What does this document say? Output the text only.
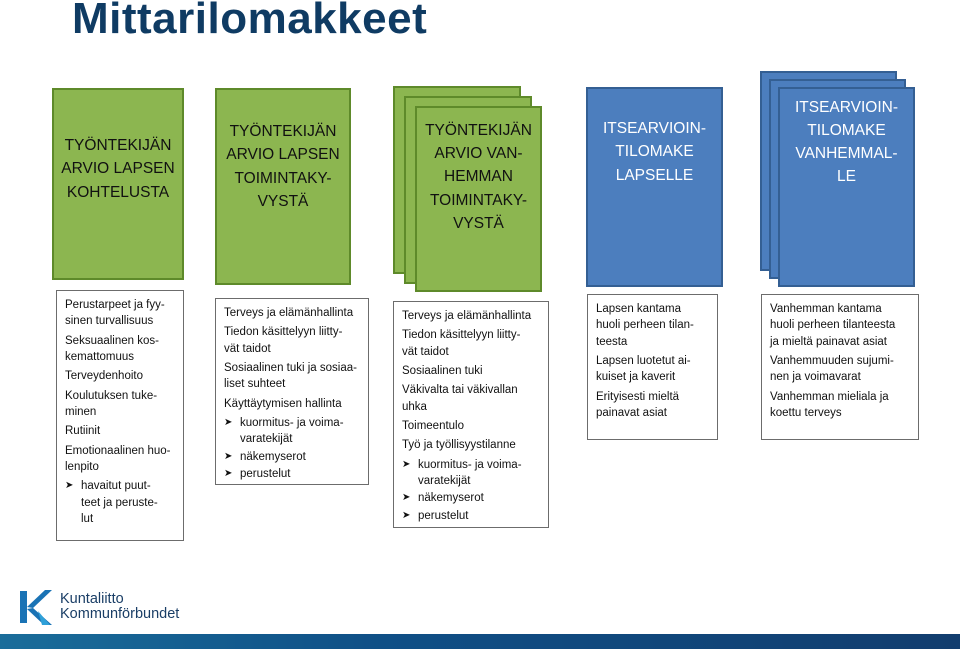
Mittarilomakkeet
TYÖNTEKIJÄN
ARVIO LAPSEN
KOHTELUSTA
TYÖNTEKIJÄN
ARVIO LAPSEN
TOIMINTAKY-
VYSTÄ
TYÖNTEKIJÄN
ARVIO VAN-
HEMMAN
TOIMINTAKY-
VYSTÄ
ITSEARVIOIN-
TILOMAKE
LAPSELLE
ITSEARVIOIN-
TILOMAKE
VANHEMMAL-
LE
Perustarpeet ja fyy-
sinen turvallisuus
Seksuaalinen kos-
kemattomuus
Terveydenhoito
Koulutuksen tuke-
minen
Rutiinit
Emotionaalinen huo-
lenpito
➤ havaitut puut-
teet ja peruste-
lut
Terveys ja elämänhallinta
Tiedon käsittelyyn liitty-
vät taidot
Sosiaalinen tuki ja sosiaa-
liset suhteet
Käyttäytymisen hallinta
➤ kuormitus- ja voima-
varatekijät
➤ näkemyserot
➤ perustelut
Terveys ja elämänhallinta
Tiedon käsittelyyn liitty-
vät taidot
Sosiaalinen tuki
Väkivalta tai väkivallan
uhka
Toimeentulo
Työ ja työllisyystilanne
➤ kuormitus- ja voima-
varatekijät
➤ näkemyserot
➤ perustelut
Lapsen kantama
huoli perheen tilan-
teesta
Lapsen luotetut ai-
kuiset ja kaverit
Erityisesti mieltä
painavat asiat
Vanhemman kantama
huoli perheen tilanteesta
ja mieltä painavat asiat
Vanhemmuuden sujumi-
nen ja voimavarat
Vanhemman mieliala ja
koettu terveys
Kuntaliitto
Kommunförbundet
